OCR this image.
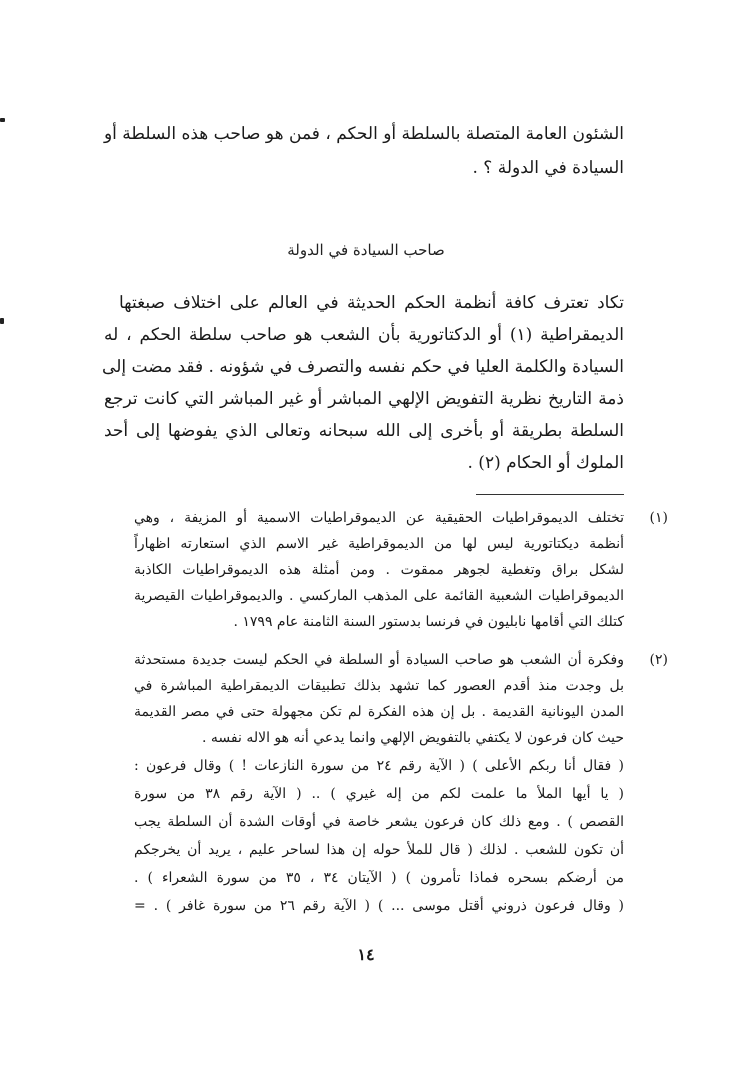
الشئون العامة المتصلة بالسلطة أو الحكم ، فمن هو صاحب هذه السلطة أو
السيادة في الدولة ؟ .
صاحب السيادة في الدولة
تكاد تعترف كافة أنظمة الحكم الحديثة في العالم على اختلاف صبغتها
الديمقراطية (١) أو الدكتاتورية بأن الشعب هو صاحب سلطة الحكم ، له
السيادة والكلمة العليا في حكم نفسه والتصرف في شؤونه . فقد مضت إلى
ذمة التاريخ نظرية التفويض الإلهي المباشر أو غير المباشر التي كانت ترجع
السلطة بطريقة أو بأخرى إلى الله سبحانه وتعالى الذي يفوضها إلى أحد
الملوك أو الحكام (٢) .
(١)
تختلف الديموقراطيات الحقيقية عن الديموقراطيات الاسمية أو المزيفة ، وهي
أنظمة ديكتاتورية ليس لها من الديموقراطية غير الاسم الذي استعارته اظهاراً
لشكل براق وتغطية لجوهر ممقوت . ومن أمثلة هذه الديموقراطيات الكاذبة
الديموقراطيات الشعبية القائمة على المذهب الماركسي . والديموقراطيات القيصرية
كتلك التي أقامها نابليون في فرنسا بدستور السنة الثامنة عام ١٧٩٩ .
(٢)
وفكرة أن الشعب هو صاحب السيادة أو السلطة في الحكم ليست جديدة مستحدثة
بل وجدت منذ أقدم العصور كما تشهد بذلك تطبيقات الديمقراطية المباشرة في
المدن اليونانية القديمة . بل إن هذه الفكرة لم تكن مجهولة حتى في مصر القديمة
حيث كان فرعون لا يكتفي بالتفويض الإلهي وانما يدعي أنه هو الاله نفسه .
( فقال أنا ربكم الأعلى ) ( الآية رقم ٢٤ من سورة النازعات ! ) وقال فرعون :
( يا أيها الملأ ما علمت لكم من إله غيري ) .. ( الآية رقم ٣٨ من سورة
القصص ) . ومع ذلك كان فرعون يشعر خاصة في أوقات الشدة أن السلطة يجب
أن تكون للشعب . لذلك ( قال للملأ حوله إن هذا لساحر عليم ، يريد أن يخرجكم
من أرضكم بسحره فماذا تأمرون ) ( الآيتان ٣٤ ، ٣٥ من سورة الشعراء ) .
( وقال فرعون ذروني أقتل موسى ... ) ( الآية رقم ٢٦ من سورة غافر ) . =
١٤
